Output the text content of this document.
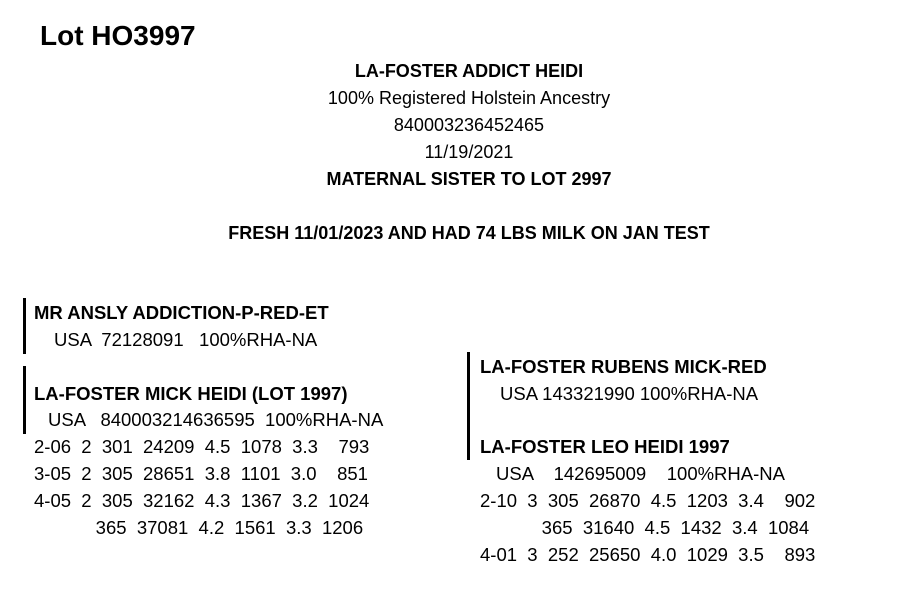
Lot HO3997
LA-FOSTER ADDICT HEIDI
100% Registered Holstein Ancestry
840003236452465
11/19/2021
MATERNAL SISTER TO LOT 2997
FRESH 11/01/2023 AND HAD 74 LBS MILK ON JAN TEST
MR ANSLY ADDICTION-P-RED-ET
USA  72128091   100%RHA-NA
LA-FOSTER MICK HEIDI (LOT 1997)
USA   840003214636595  100%RHA-NA
2-06  2  301  24209  4.5  1078  3.3    793
3-05  2  305  28651  3.8  1101  3.0    851
4-05  2  305  32162  4.3  1367  3.2  1024
365  37081  4.2  1561  3.3  1206
LA-FOSTER RUBENS MICK-RED
USA 143321990 100%RHA-NA
LA-FOSTER LEO HEIDI 1997
USA    142695009    100%RHA-NA
2-10  3  305  26870  4.5  1203  3.4    902
365  31640  4.5  1432  3.4  1084
4-01  3  252  25650  4.0  1029  3.5    893
